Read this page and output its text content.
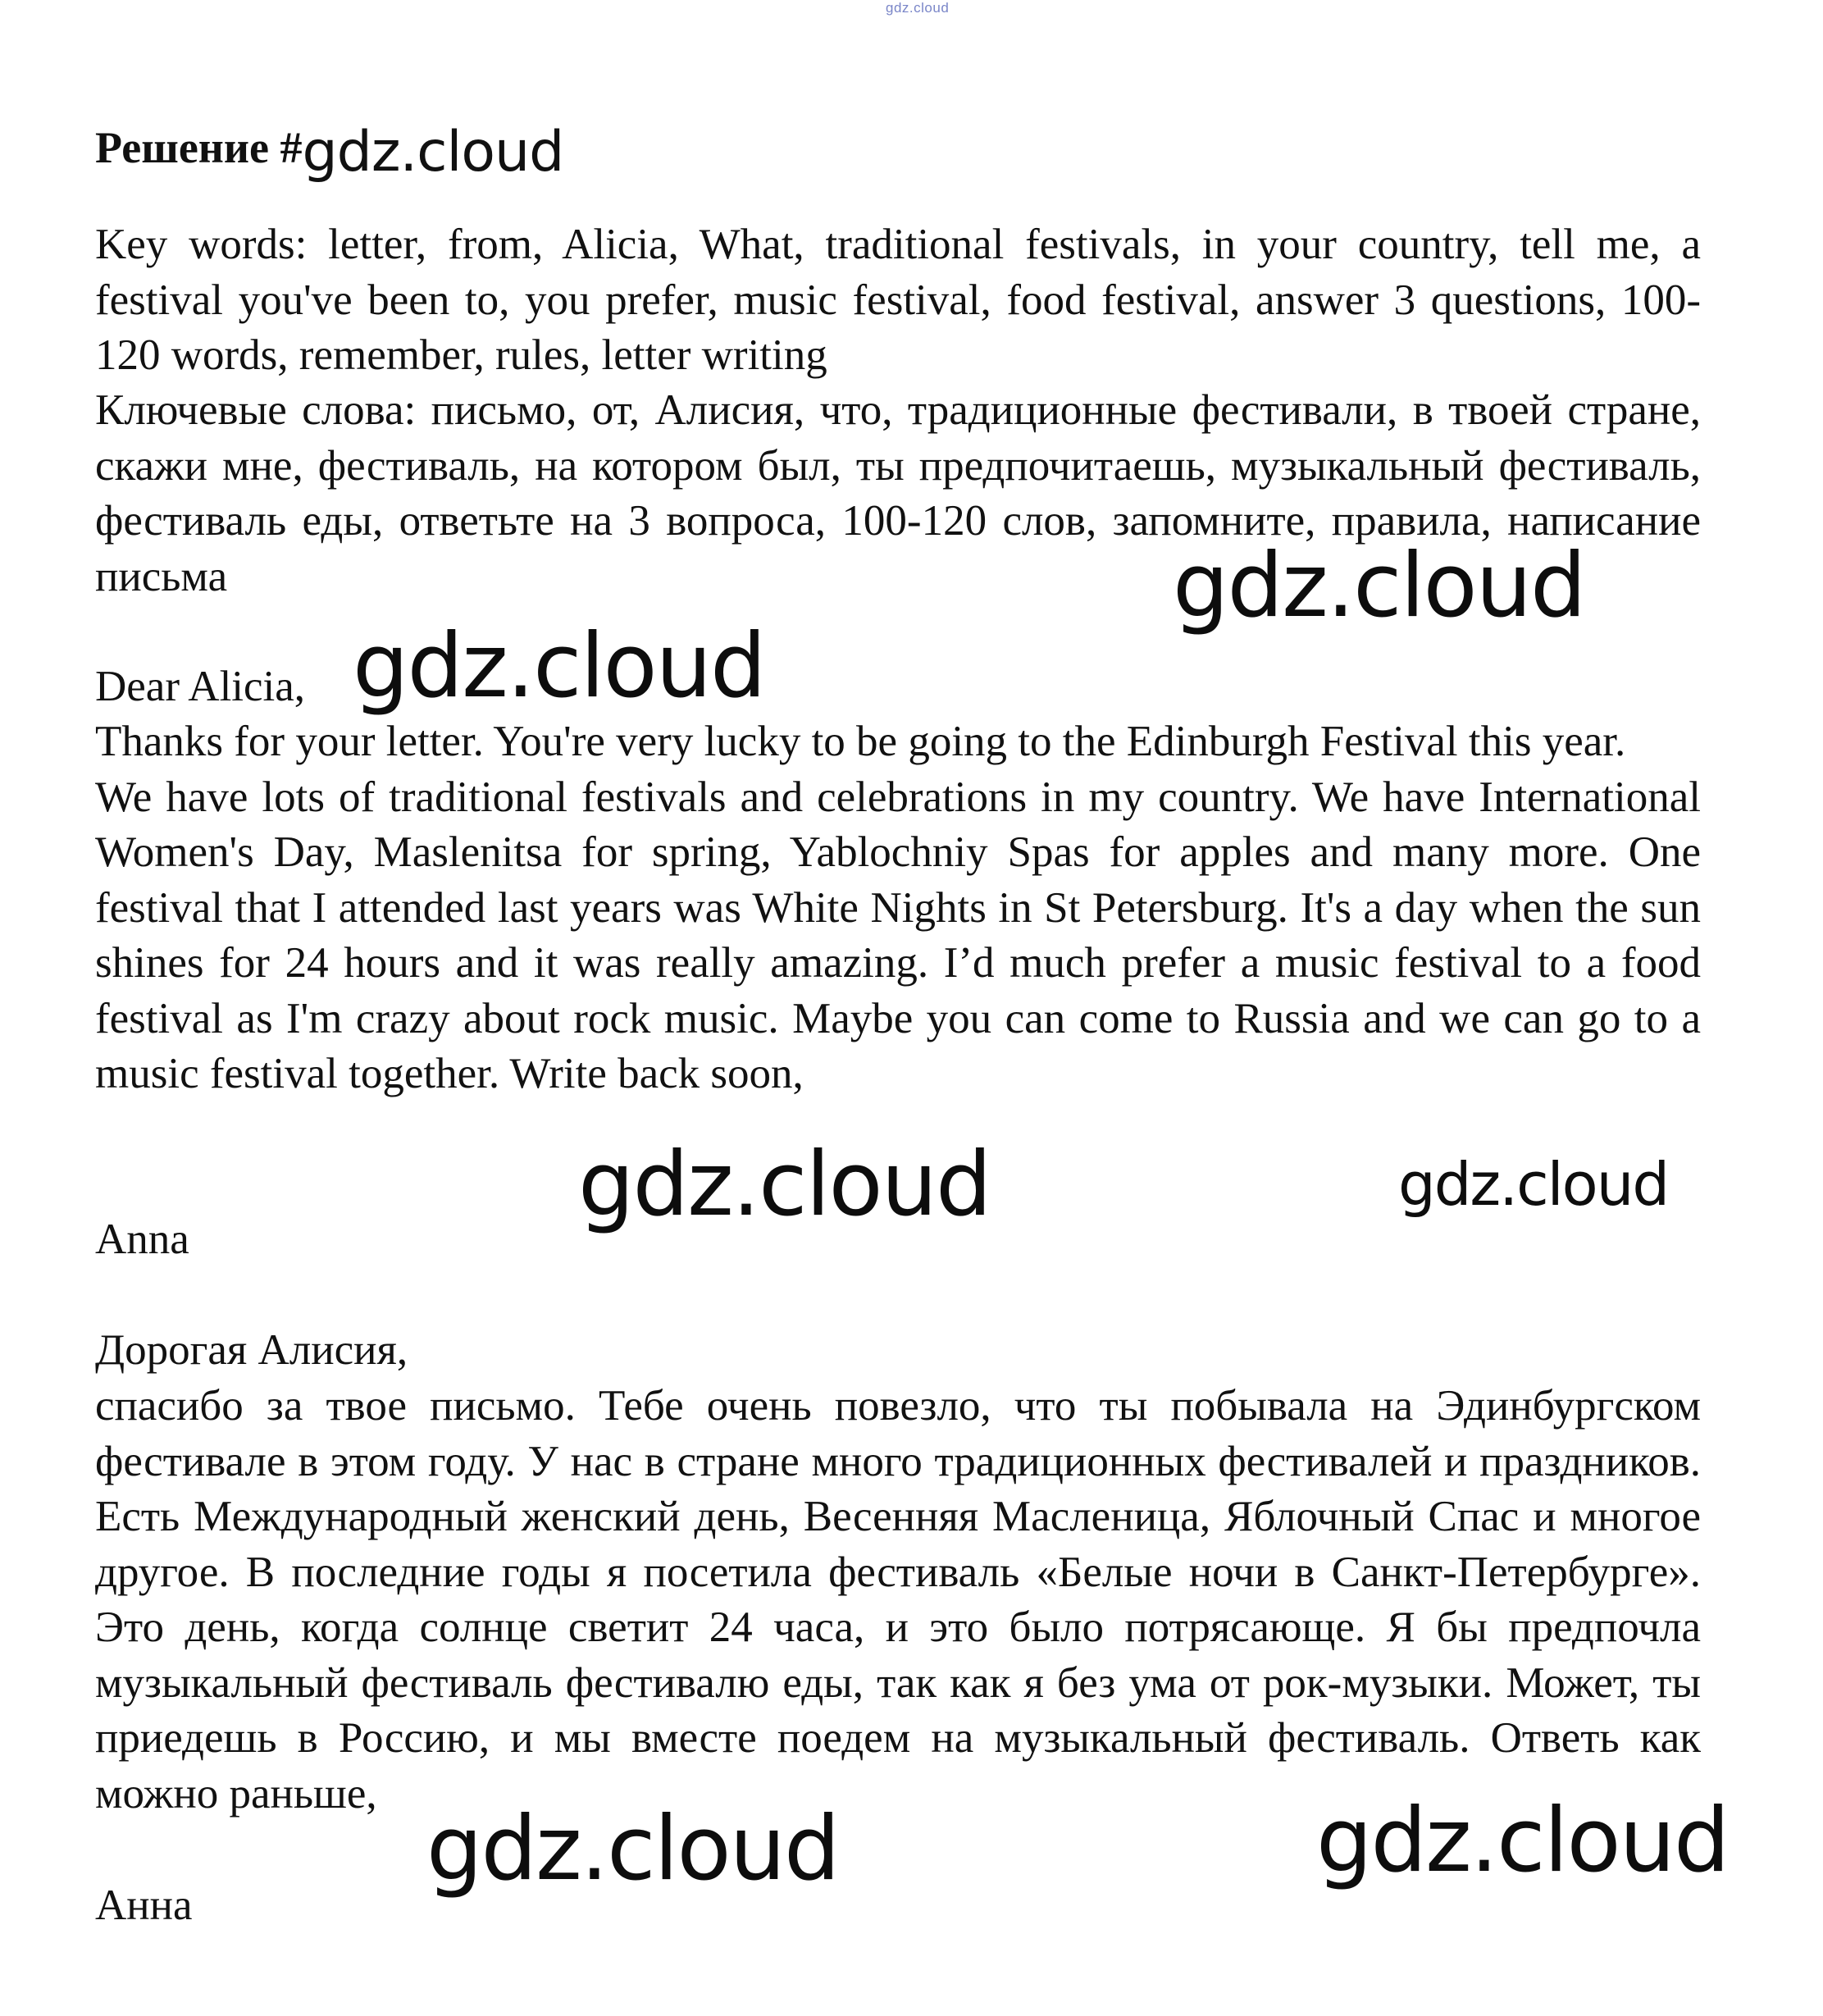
gdz.cloud
Решение #gdz.cloud

Key words: letter, from, Alicia, What, traditional festivals, in your country, tell me, a festival you've been to, you prefer, music festival, food festival, answer 3 questions, 100-120 words, remember, rules, letter writing

Ключевые слова: письмо, от, Алисия, что, традиционные фестивали, в твоей стране, скажи мне, фестиваль, на котором был, ты предпочитаешь, музыкальный фестиваль, фестиваль еды, ответьте на 3 вопроса, 100-120 слов, запомните, правила, написание письма

Dear Alicia,

Thanks for your letter. You're very lucky to be going to the Edinburgh Festival this year.
We have lots of traditional festivals and celebrations in my country. We have International Women's Day, Maslenitsa for spring, Yablochniy Spas for apples and many more. One festival that I attended last years was White Nights in St Petersburg. It's a day when the sun shines for 24 hours and it was really amazing. I’d much prefer a music festival to a food festival as I'm crazy about rock music. Maybe you can come to Russia and we can go to a music festival together. Write back soon,

Anna

Дорогая Алисия,

спасибо за твое письмо. Тебе очень повезло, что ты побывала на Эдинбургском фестивале в этом году. У нас в стране много традиционных фестивалей и праздников. Есть Международный женский день, Весенняя Масленица, Яблочный Спас и многое другое. В последние годы я посетила фестиваль «Белые ночи в Санкт-Петербурге». Это день, когда солнце светит 24 часа, и это было потрясающе. Я бы предпочла музыкальный фестиваль фестивалю еды, так как я без ума от рок-музыки. Может, ты приедешь в Россию, и мы вместе поедем на музыкальный фестиваль. Ответь как можно раньше,

Анна

gdz.cloud
gdz.cloud
gdz.cloud	gdz.cloud
gdz.cloud	gdz.cloud
